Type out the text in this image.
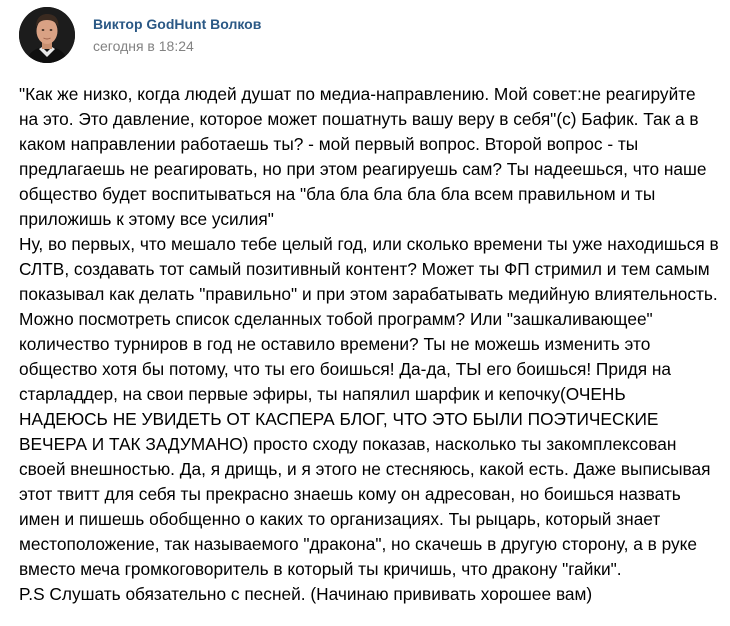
Виктор GodHunt Волков
сегодня в 18:24
"Как же низко, когда людей душат по медиа-направлению. Мой совет:не реагируйте на это. Это давление, которое может пошатнуть вашу веру в себя"(с) Бафик. Так а в каком направлении работаешь ты? - мой первый вопрос. Второй вопрос - ты предлагаешь не реагировать, но при этом реагируешь сам? Ты надеешься, что наше общество будет воспитываться на "бла бла бла бла бла всем правильном и ты приложишь к этому все усилия"
Ну, во первых, что мешало тебе целый год, или сколько времени ты уже находишься в СЛТВ, создавать тот самый позитивный контент? Может ты ФП стримил и тем самым показывал как делать "правильно" и при этом зарабатывать медийную влиятельность. Можно посмотреть список сделанных тобой программ? Или "зашкаливающее" количество турниров в год не оставило времени? Ты не можешь изменить это общество хотя бы потому, что ты его боишься! Да-да, ТЫ его боишься! Придя на старладдер, на свои первые эфиры, ты напялил шарфик и кепочку(ОЧЕНЬ НАДЕЮСЬ НЕ УВИДЕТЬ ОТ КАСПЕРА БЛОГ, ЧТО ЭТО БЫЛИ ПОЭТИЧЕСКИЕ ВЕЧЕРА И ТАК ЗАДУМАНО) просто сходу показав, насколько ты закомплексован своей внешностью. Да, я дрищь, и я этого не стесняюсь, какой есть. Даже выписывая этот твитт для себя ты прекрасно знаешь кому он адресован, но боишься назвать имен и пишешь обобщенно о каких то организациях. Ты рыцарь, который знает местоположение, так называемого "дракона", но скачешь в другую сторону, а в руке вместо меча громкоговоритель в который ты кричишь, что дракону "гайки".
P.S Слушать обязательно с песней. (Начинаю прививать хорошее вам)
